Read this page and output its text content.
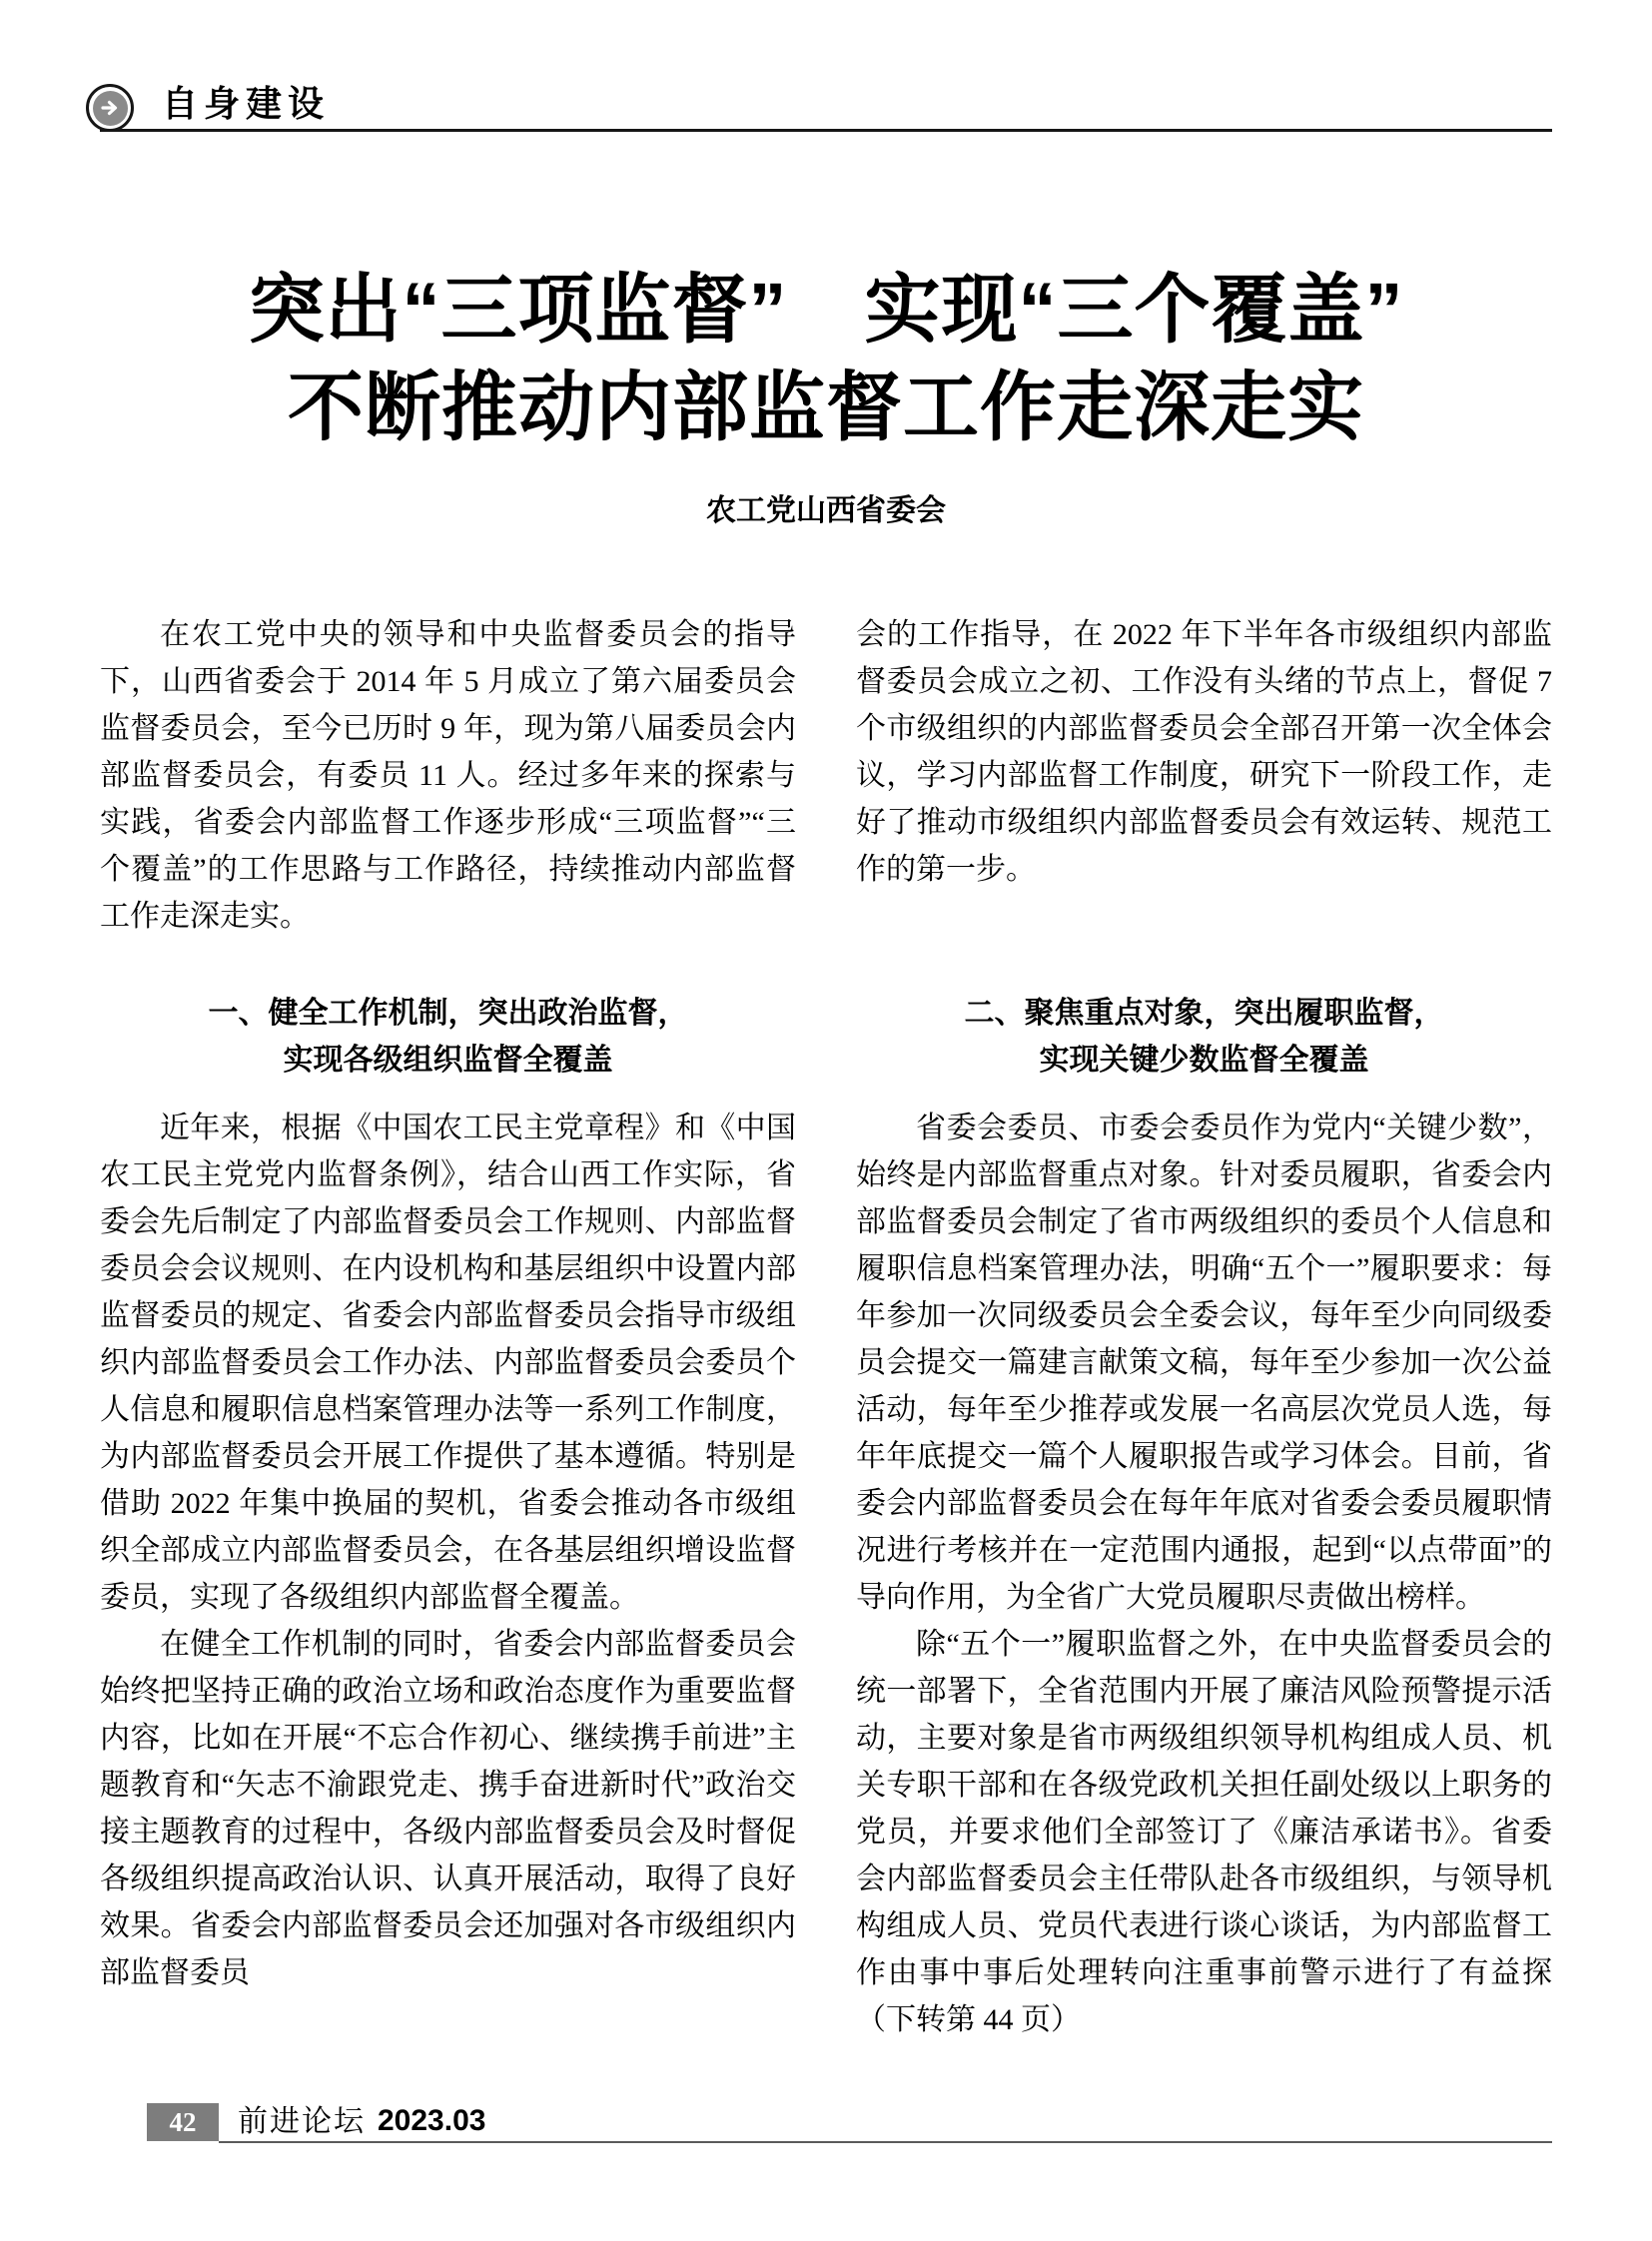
自身建设
突出“三项监督”　实现“三个覆盖”
不断推动内部监督工作走深走实
农工党山西省委会

在农工党中央的领导和中央监督委员会的指导下，山西省委会于 2014 年 5 月成立了第六届委员会监督委员会，至今已历时 9 年，现为第八届委员会内部监督委员会，有委员 11 人。经过多年来的探索与实践，省委会内部监督工作逐步形成“三项监督”“三个覆盖”的工作思路与工作路径，持续推动内部监督工作走深走实。

一、健全工作机制，突出政治监督，
实现各级组织监督全覆盖

近年来，根据《中国农工民主党章程》和《中国农工民主党党内监督条例》，结合山西工作实际，省委会先后制定了内部监督委员会工作规则、内部监督委员会会议规则、在内设机构和基层组织中设置内部监督委员的规定、省委会内部监督委员会指导市级组织内部监督委员会工作办法、内部监督委员会委员个人信息和履职信息档案管理办法等一系列工作制度，为内部监督委员会开展工作提供了基本遵循。特别是借助 2022 年集中换届的契机，省委会推动各市级组织全部成立内部监督委员会，在各基层组织增设监督委员，实现了各级组织内部监督全覆盖。

在健全工作机制的同时，省委会内部监督委员会始终把坚持正确的政治立场和政治态度作为重要监督内容，比如在开展“不忘合作初心、继续携手前进”主题教育和“矢志不渝跟党走、携手奋进新时代”政治交接主题教育的过程中，各级内部监督委员会及时督促各级组织提高政治认识、认真开展活动，取得了良好效果。省委会内部监督委员会还加强对各市级组织内部监督委员

会的工作指导，在 2022 年下半年各市级组织内部监督委员会成立之初、工作没有头绪的节点上，督促 7 个市级组织的内部监督委员会全部召开第一次全体会议，学习内部监督工作制度，研究下一阶段工作，走好了推动市级组织内部监督委员会有效运转、规范工作的第一步。

二、聚焦重点对象，突出履职监督，
实现关键少数监督全覆盖

省委会委员、市委会委员作为党内“关键少数”，始终是内部监督重点对象。针对委员履职，省委会内部监督委员会制定了省市两级组织的委员个人信息和履职信息档案管理办法，明确“五个一”履职要求：每年参加一次同级委员会全委会议，每年至少向同级委员会提交一篇建言献策文稿，每年至少参加一次公益活动，每年至少推荐或发展一名高层次党员人选，每年年底提交一篇个人履职报告或学习体会。目前，省委会内部监督委员会在每年年底对省委会委员履职情况进行考核并在一定范围内通报，起到“以点带面”的导向作用，为全省广大党员履职尽责做出榜样。

除“五个一”履职监督之外，在中央监督委员会的统一部署下，全省范围内开展了廉洁风险预警提示活动，主要对象是省市两级组织领导机构组成人员、机关专职干部和在各级党政机关担任副处级以上职务的党员，并要求他们全部签订了《廉洁承诺书》。省委会内部监督委员会主任带队赴各市级组织，与领导机构组成人员、党员代表进行谈心谈话，为内部监督工作由事中事后处理转向注重事前警示进行了有益探（下转第 44 页）

42	前进论坛 2023.03
